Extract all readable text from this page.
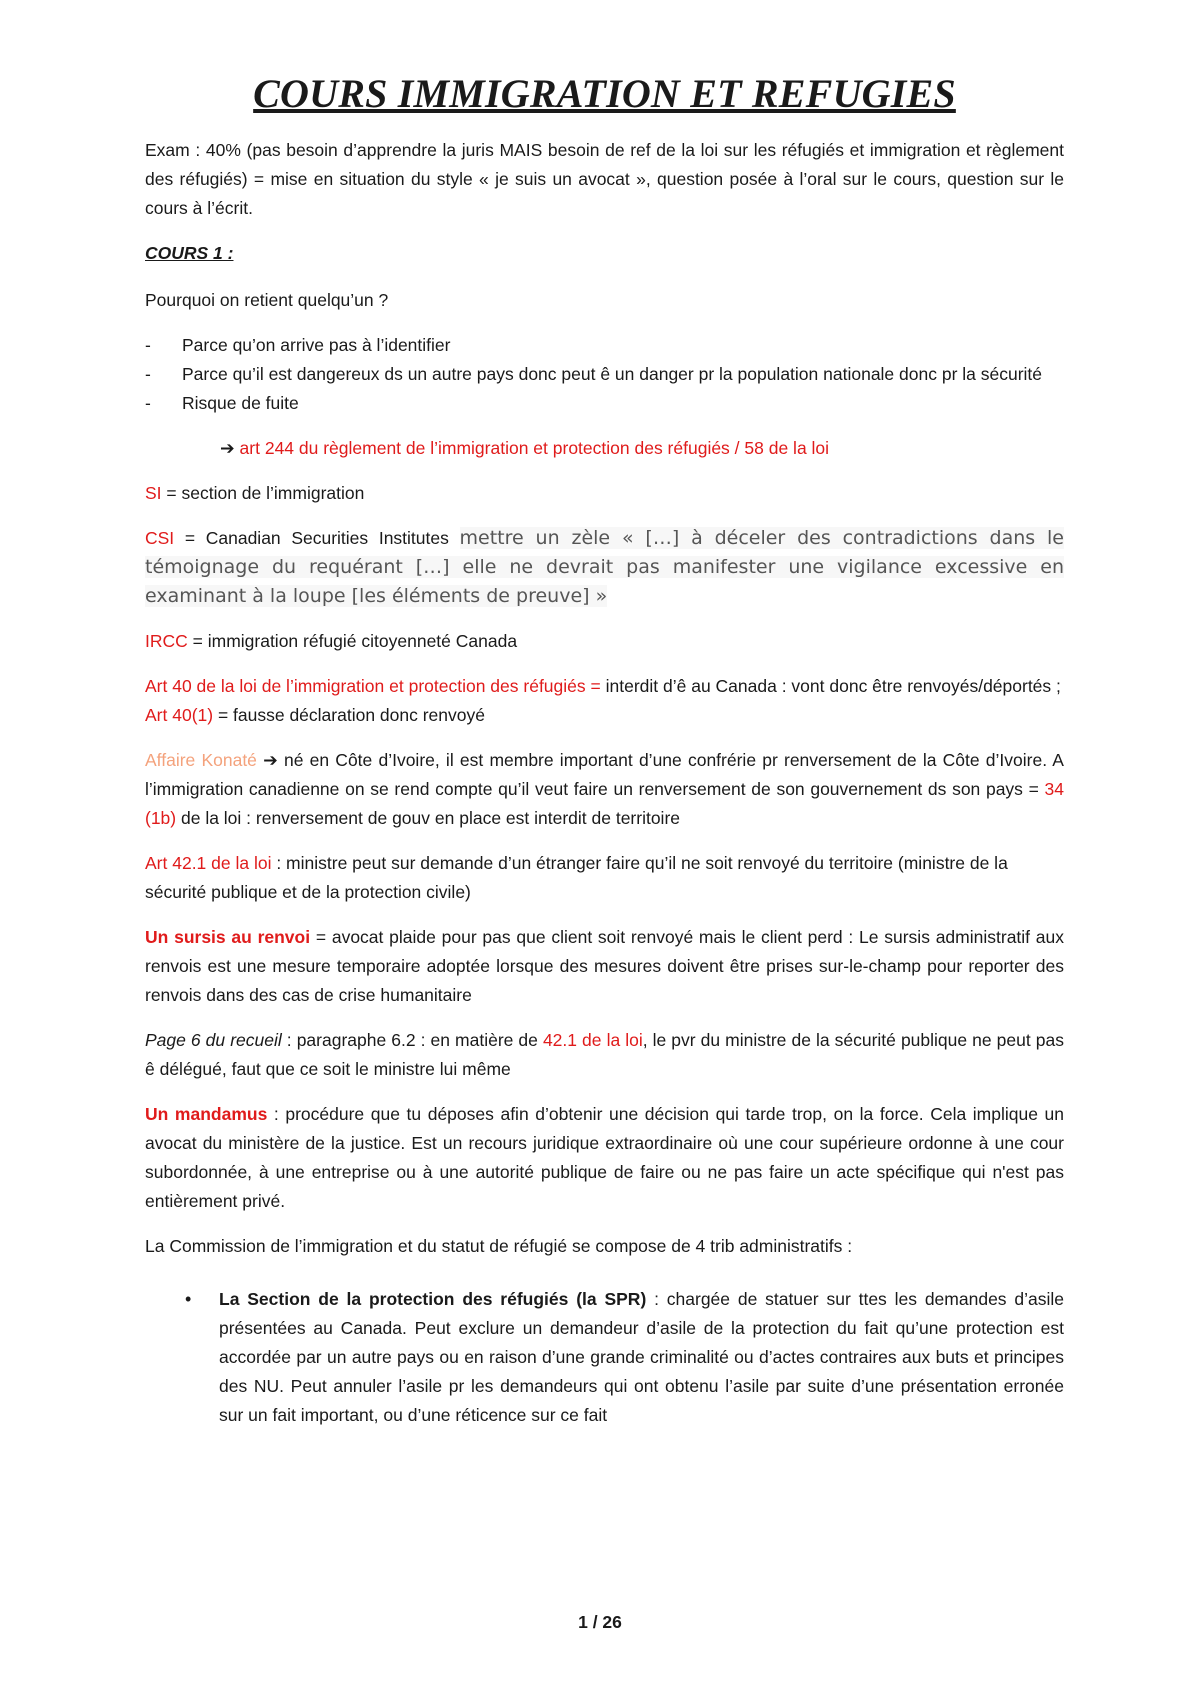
COURS IMMIGRATION ET REFUGIES

Exam : 40% (pas besoin d’apprendre la juris MAIS besoin de ref de la loi sur les réfugiés et immigration et règlement des réfugiés) = mise en situation du style « je suis un avocat », question posée à l’oral sur le cours, question sur le cours à l’écrit.

COURS 1 :

Pourquoi on retient quelqu’un ?

- Parce qu’on arrive pas à l’identifier
- Parce qu’il est dangereux ds un autre pays donc peut ê un danger pr la population nationale donc pr la sécurité
- Risque de fuite
➔ art 244 du règlement de l’immigration et protection des réfugiés / 58 de la loi

SI = section de l’immigration

CSI = Canadian Securities Institutes mettre un zèle « […] à déceler des contradictions dans le témoignage du requérant […] elle ne devrait pas manifester une vigilance excessive en examinant à la loupe [les éléments de preuve] »

IRCC = immigration réfugié citoyenneté Canada

Art 40 de la loi de l’immigration et protection des réfugiés = interdit d’ê au Canada : vont donc être renvoyés/déportés ; Art 40(1) = fausse déclaration donc renvoyé

Affaire Konaté ➔ né en Côte d’Ivoire, il est membre important d’une confrérie pr renversement de la Côte d’Ivoire. A l’immigration canadienne on se rend compte qu’il veut faire un renversement de son gouvernement ds son pays = 34 (1b) de la loi : renversement de gouv en place est interdit de territoire

Art 42.1 de la loi : ministre peut sur demande d’un étranger faire qu’il ne soit renvoyé du territoire (ministre de la sécurité publique et de la protection civile)

Un sursis au renvoi = avocat plaide pour pas que client soit renvoyé mais le client perd : Le sursis administratif aux renvois est une mesure temporaire adoptée lorsque des mesures doivent être prises sur-le-champ pour reporter des renvois dans des cas de crise humanitaire

Page 6 du recueil : paragraphe 6.2 : en matière de 42.1 de la loi, le pvr du ministre de la sécurité publique ne peut pas ê délégué, faut que ce soit le ministre lui même

Un mandamus : procédure que tu déposes afin d’obtenir une décision qui tarde trop, on la force. Cela implique un avocat du ministère de la justice. Est un recours juridique extraordinaire où une cour supérieure ordonne à une cour subordonnée, à une entreprise ou à une autorité publique de faire ou ne pas faire un acte spécifique qui n'est pas entièrement privé.

La Commission de l’immigration et du statut de réfugié se compose de 4 trib administratifs :

• La Section de la protection des réfugiés (la SPR) : chargée de statuer sur ttes les demandes d’asile présentées au Canada. Peut exclure un demandeur d’asile de la protection du fait qu’une protection est accordée par un autre pays ou en raison d’une grande criminalité ou d’actes contraires aux buts et principes des NU. Peut annuler l’asile pr les demandeurs qui ont obtenu l’asile par suite d’une présentation erronée sur un fait important, ou d’une réticence sur ce fait
1 / 26
